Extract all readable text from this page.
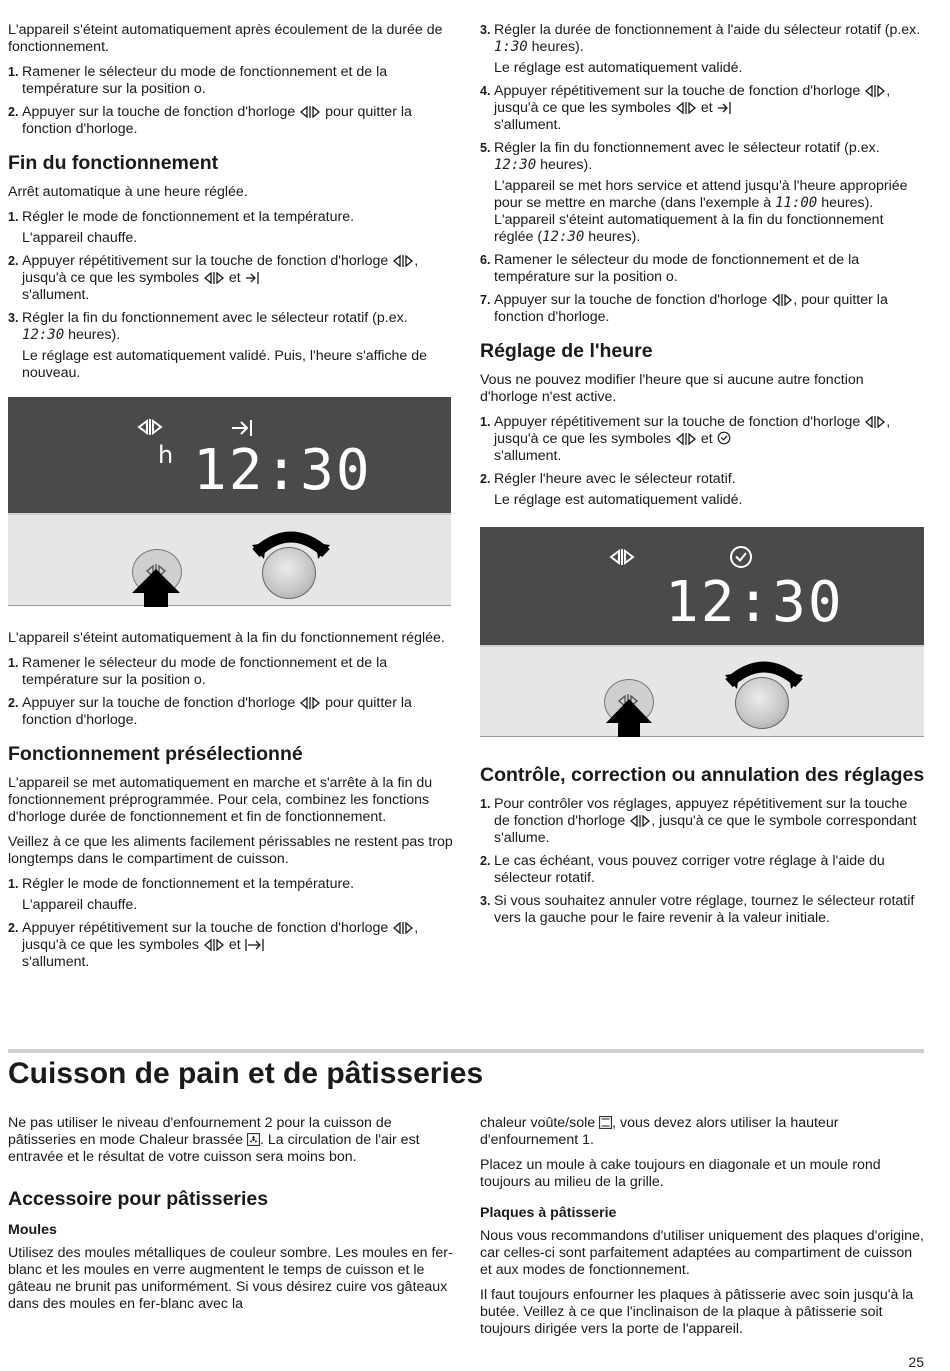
L'appareil s'éteint automatiquement après écoulement de la durée de fonctionnement.

1. Ramener le sélecteur du mode de fonctionnement et de la température sur la position o.
2. Appuyer sur la touche de fonction d'horloge pour quitter la fonction d'horloge.
Fin du fonctionnement

Arrêt automatique à une heure réglée.

1. Régler le mode de fonctionnement et la température.
L'appareil chauffe.
2. Appuyer répétitivement sur la touche de fonction d'horloge , jusqu'à ce que les symboles et
s'allument.
3. Régler la fin du fonctionnement avec le sélecteur rotatif (p.ex. 12:30 heures).
Le réglage est automatiquement validé. Puis, l'heure s'affiche de nouveau.
h 12:30

L'appareil s'éteint automatiquement à la fin du fonctionnement réglée.

1. Ramener le sélecteur du mode de fonctionnement et de la température sur la position o.
2. Appuyer sur la touche de fonction d'horloge pour quitter la fonction d'horloge.
Fonctionnement présélectionné

L'appareil se met automatiquement en marche et s'arrête à la fin du fonctionnement préprogrammée. Pour cela, combinez les fonctions d'horloge durée de fonctionnement et fin de fonctionnement.

Veillez à ce que les aliments facilement périssables ne restent pas trop longtemps dans le compartiment de cuisson.

1. Régler le mode de fonctionnement et la température.
L'appareil chauffe.
2. Appuyer répétitivement sur la touche de fonction d'horloge , jusqu'à ce que les symboles et
s'allument.
3. Régler la durée de fonctionnement à l'aide du sélecteur rotatif (p.ex. 1:30 heures).
Le réglage est automatiquement validé.
4. Appuyer répétitivement sur la touche de fonction d'horloge , jusqu'à ce que les symboles et
s'allument.
5. Régler la fin du fonctionnement avec le sélecteur rotatif (p.ex. 12:30 heures).
L'appareil se met hors service et attend jusqu'à l'heure appropriée pour se mettre en marche (dans l'exemple à 11:00 heures). L'appareil s'éteint automatiquement à la fin du fonctionnement réglée (12:30 heures).
6. Ramener le sélecteur du mode de fonctionnement et de la température sur la position o.
7. Appuyer sur la touche de fonction d'horloge , pour quitter la fonction d'horloge.
Réglage de l'heure

Vous ne pouvez modifier l'heure que si aucune autre fonction d'horloge n'est active.

1. Appuyer répétitivement sur la touche de fonction d'horloge , jusqu'à ce que les symboles et
s'allument.
2. Régler l'heure avec le sélecteur rotatif.
Le réglage est automatiquement validé.
12:30
Contrôle, correction ou annulation des réglages
1. Pour contrôler vos réglages, appuyez répétitivement sur la touche de fonction d'horloge , jusqu'à ce que le symbole correspondant s'allume.
2. Le cas échéant, vous pouvez corriger votre réglage à l'aide du sélecteur rotatif.
3. Si vous souhaitez annuler votre réglage, tournez le sélecteur rotatif vers la gauche pour le faire revenir à la valeur initiale.
Cuisson de pain et de pâtisseries

Ne pas utiliser le niveau d'enfournement 2 pour la cuisson de pâtisseries en mode Chaleur brassée . La circulation de l'air est entravée et le résultat de votre cuisson sera moins bon.

Accessoire pour pâtisseries
Moules

Utilisez des moules métalliques de couleur sombre. Les moules en fer-blanc et les moules en verre augmentent le temps de cuisson et le gâteau ne brunit pas uniformément. Si vous désirez cuire vos gâteaux dans des moules en fer-blanc avec la

chaleur voûte/sole , vous devez alors utiliser la hauteur d'enfournement 1.

Placez un moule à cake toujours en diagonale et un moule rond toujours au milieu de la grille.

Plaques à pâtisserie

Nous vous recommandons d'utiliser uniquement des plaques d'origine, car celles-ci sont parfaitement adaptées au compartiment de cuisson et aux modes de fonctionnement.

Il faut toujours enfourner les plaques à pâtisserie avec soin jusqu'à la butée. Veillez à ce que l'inclinaison de la plaque à pâtisserie soit toujours dirigée vers la porte de l'appareil.

25
